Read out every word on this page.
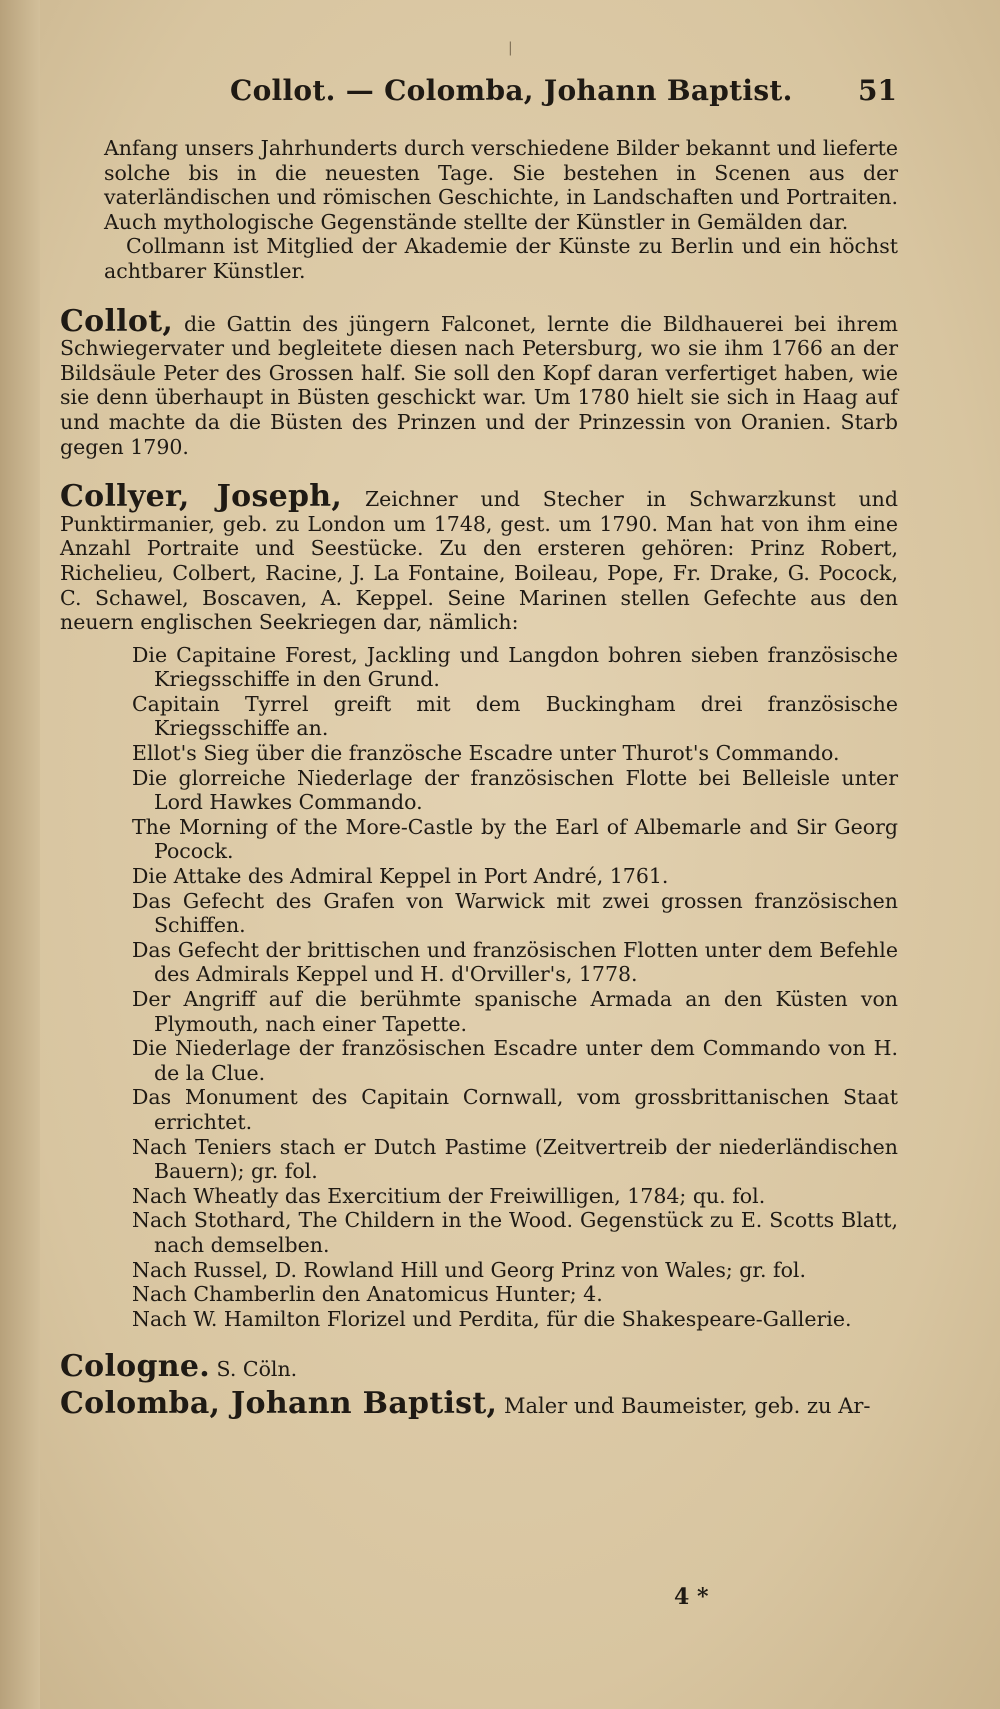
|
Collot. — Colomba, Johann Baptist. 51

Anfang unsers Jahrhunderts durch verschiedene Bilder bekannt und lieferte solche bis in die neuesten Tage. Sie bestehen in Scenen aus der vaterländischen und römischen Geschichte, in Landschaften und Portraiten. Auch mythologische Gegenstände stellte der Künstler in Gemälden dar.

Collmann ist Mitglied der Akademie der Künste zu Berlin und ein höchst achtbarer Künstler.

Collot, die Gattin des jüngern Falconet, lernte die Bildhauerei bei ihrem Schwiegervater und begleitete diesen nach Petersburg, wo sie ihm 1766 an der Bildsäule Peter des Grossen half. Sie soll den Kopf daran verfertiget haben, wie sie denn überhaupt in Büsten geschickt war. Um 1780 hielt sie sich in Haag auf und machte da die Büsten des Prinzen und der Prinzessin von Oranien. Starb gegen 1790.

Collyer, Joseph, Zeichner und Stecher in Schwarzkunst und Punktirmanier, geb. zu London um 1748, gest. um 1790. Man hat von ihm eine Anzahl Portraite und Seestücke. Zu den ersteren gehören: Prinz Robert, Richelieu, Colbert, Racine, J. La Fontaine, Boileau, Pope, Fr. Drake, G. Pocock, C. Schawel, Boscaven, A. Keppel. Seine Marinen stellen Gefechte aus den neuern englischen Seekriegen dar, nämlich:

Die Capitaine Forest, Jackling und Langdon bohren sieben französische Kriegsschiffe in den Grund.

Capitain Tyrrel greift mit dem Buckingham drei französische Kriegsschiffe an.

Ellot's Sieg über die französche Escadre unter Thurot's Commando.

Die glorreiche Niederlage der französischen Flotte bei Belleisle unter Lord Hawkes Commando.

The Morning of the More-Castle by the Earl of Albemarle and Sir Georg Pocock.

Die Attake des Admiral Keppel in Port André, 1761.

Das Gefecht des Grafen von Warwick mit zwei grossen französischen Schiffen.

Das Gefecht der brittischen und französischen Flotten unter dem Befehle des Admirals Keppel und H. d'Orviller's, 1778.

Der Angriff auf die berühmte spanische Armada an den Küsten von Plymouth, nach einer Tapette.

Die Niederlage der französischen Escadre unter dem Commando von H. de la Clue.

Das Monument des Capitain Cornwall, vom grossbrittanischen Staat errichtet.

Nach Teniers stach er Dutch Pastime (Zeitvertreib der niederländischen Bauern); gr. fol.

Nach Wheatly das Exercitium der Freiwilligen, 1784; qu. fol.

Nach Stothard, The Childern in the Wood. Gegenstück zu E. Scotts Blatt, nach demselben.

Nach Russel, D. Rowland Hill und Georg Prinz von Wales; gr. fol.

Nach Chamberlin den Anatomicus Hunter; 4.

Nach W. Hamilton Florizel und Perdita, für die Shakespeare-Gallerie.

Cologne. S. Cöln.

Colomba, Johann Baptist, Maler und Baumeister, geb. zu Ar-

4 *
